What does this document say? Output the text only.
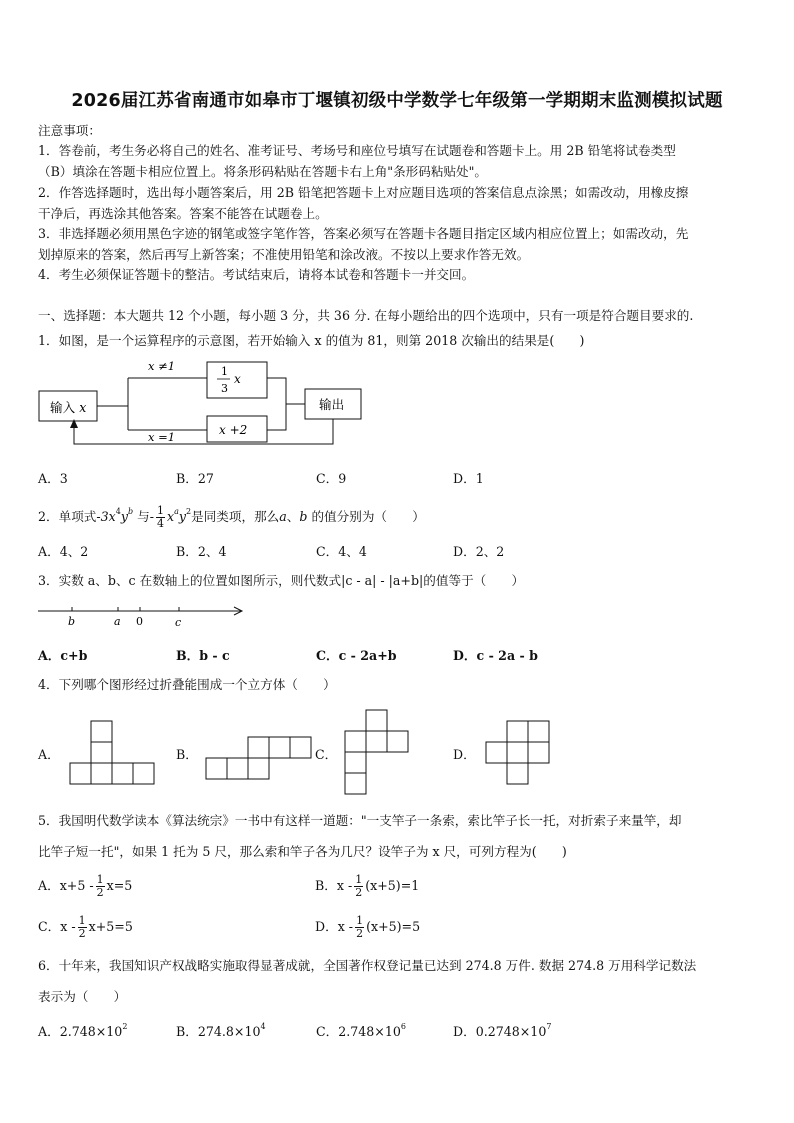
2026届江苏省南通市如皋市丁堰镇初级中学数学七年级第一学期期末监测模拟试题
注意事项：
1．答卷前，考生务必将自己的姓名、准考证号、考场号和座位号填写在试题卷和答题卡上。用 2B 铅笔将试卷类型
（B）填涂在答题卡相应位置上。将条形码粘贴在答题卡右上角"条形码粘贴处"。
2．作答选择题时，选出每小题答案后，用 2B 铅笔把答题卡上对应题目选项的答案信息点涂黑；如需改动，用橡皮擦
干净后，再选涂其他答案。答案不能答在试题卷上。
3．非选择题必须用黑色字迹的钢笔或签字笔作答，答案必须写在答题卡各题目指定区域内相应位置上；如需改动，先
划掉原来的答案，然后再写上新答案；不准使用铅笔和涂改液。不按以上要求作答无效。
4．考生必须保证答题卡的整洁。考试结束后，请将本试卷和答题卡一并交回。
一、选择题：本大题共 12 个小题，每小题 3 分，共 36 分. 在每小题给出的四个选项中，只有一项是符合题目要求的.
1．如图，是一个运算程序的示意图，若开始输入 x 的值为 81，则第 2018 次输出的结果是(　　)
输入 x
x ≠1
x =1
1
3
x
x +2
输出
A．3	B．27	C．9	D．1
2．单项式$-3x^4y^b$ 与- $\frac{1}{4} x^ay^2$是同类项，那么a、b 的值分别为（　　）
A．4、2	B．2、4	C．4、4	D．2、2
3．实数 a、b、c 在数轴上的位置如图所示，则代数式|c - a| - |a+b|的值等于（　　）
b	a 0	c
A．c+b	B．b - c	C．c - 2a+b	D．c - 2a - b
4．下列哪个图形经过折叠能围成一个立方体（　　）
A．	B．	C．	D．
5．我国明代数学读本《算法统宗》一书中有这样一道题："一支竿子一条索，索比竿子长一托，对折索子来量竿，却
比竿子短一托"，如果 1 托为 5 尺，那么索和竿子各为几尺？设竿子为 x 尺，可列方程为(　　)
A．$x+5 - \frac{1}{2} x=5$	B．$x - \frac{1}{2} (x+5)=1$
C．$x - \frac{1}{2} x+5=5$	D．$x - \frac{1}{2} (x+5)=5$
6．十年来，我国知识产权战略实施取得显著成就，全国著作权登记量已达到 274.8 万件. 数据 274.8 万用科学记数法
表示为（　　）
A．$2.748\times 10^2$	B．$274.8\times 10^4$	C．$2.748\times 10^6$	D．$0.2748\times 10^7$
